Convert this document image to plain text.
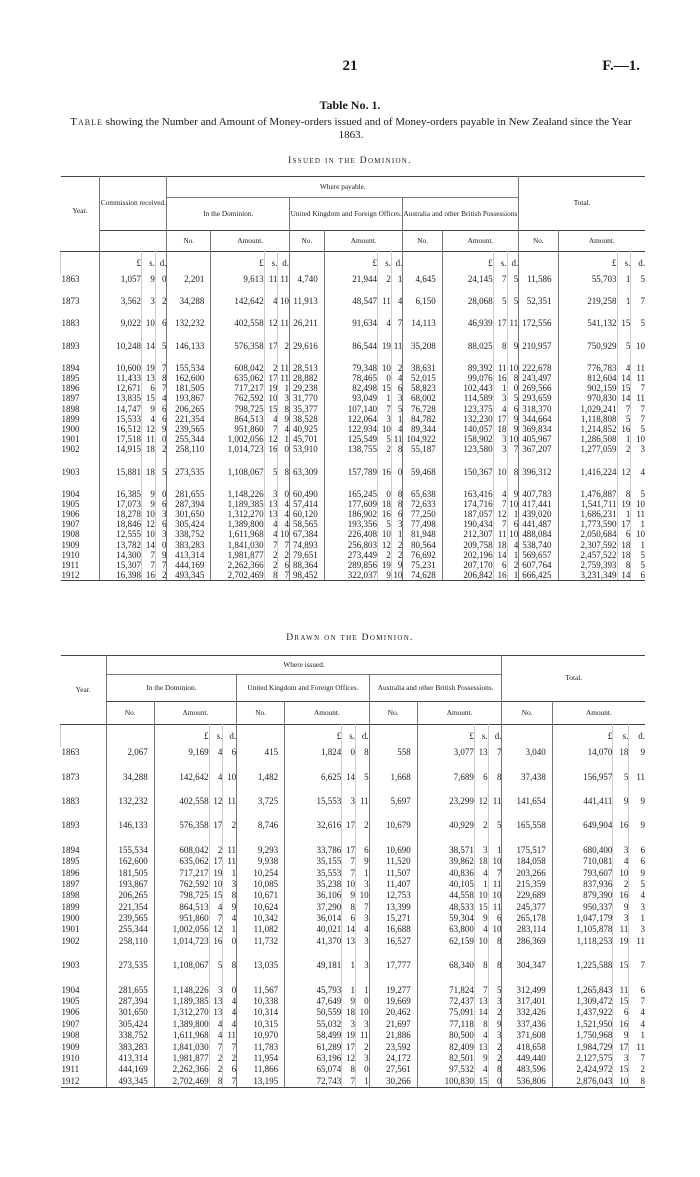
21	F.—1.
Table No. 1.
Table showing the Number and Amount of Money-orders issued and of Money-orders payable in New Zealand since the Year 1863.
Issued in the Dominion.
Year.	Commission received.			Where payable.												Total.			
				In the Dominion.				United Kingdom and Foreign Offices.				Australia and other British Possessions.							
				No.	Amount.			No.	Amount.			No.	Amount.			No.	Amount.		
	£	s.	d.		£	s.	d.		£	s.	d.		£	s.	d.		£	s.	d.
1863	1,057	9	0	2,201	9,613	11	11	4,740	21,944	2	1	4,645	24,145	7	5	11,586	55,703	1	5

1873	3,562	3	2	34,288	142,642	4	10	11,913	48,547	11	4	6,150	28,068	5	5	52,351	219,258	1	7

1883	9,022	10	6	132,232	402,558	12	11	26,211	91,634	4	7	14,113	46,939	17	11	172,556	541,132	15	5

1893	10,248	14	5	146,133	576,358	17	2	29,616	86,544	19	11	35,208	88,025	8	9	210,957	750,929	5	10

1894	10,600	19	7	155,534	608,042	2	11	28,513	79,348	10	2	38,631	89,392	11	10	222,678	776,783	4	11
1895	11,433	13	8	162,600	635,062	17	11	28,882	78,465	0	4	52,015	99,076	16	8	243,497	812,604	14	11
1896	12,671	6	7	181,505	717,217	19	1	29,238	82,498	15	6	58,823	102,443	1	0	269,566	902,159	15	7
1897	13,835	15	4	193,867	762,592	10	3	31,770	93,049	1	3	68,002	114,589	3	5	293,659	970,830	14	11
1898	14,747	9	6	206,265	798,725	15	8	35,377	107,140	7	5	76,728	123,375	4	6	318,370	1,029,241	7	7
1899	15,533	4	6	221,354	864,513	4	9	38,528	122,064	3	1	84,782	132,230	17	9	344,664	1,118,808	5	7
1900	16,512	12	9	239,565	951,860	7	4	40,925	122,934	10	4	89,344	140,057	18	9	369,834	1,214,852	16	5
1901	17,518	11	0	255,344	1,002,056	12	1	45,701	125,549	5	11	104,922	158,902	3	10	405,967	1,286,508	1	10
1902	14,915	18	2	258,110	1,014,723	16	0	53,910	138,755	2	8	55,187	123,580	3	7	367,207	1,277,059	2	3

1903	15,881	18	5	273,535	1,108,067	5	8	63,309	157,789	16	0	59,468	150,367	10	8	396,312	1,416,224	12	4

1904	16,385	9	0	281,655	1,148,226	3	0	60,490	165,245	0	8	65,638	163,416	4	9	407,783	1,476,887	8	5
1905	17,073	9	6	287,394	1,189,385	13	4	57,414	177,609	18	8	72,633	174,716	7	10	417,441	1,541,711	19	10
1906	18,278	10	3	301,650	1,312,270	13	4	60,120	186,902	16	6	77,250	187,057	12	1	439,020	1,686,231	1	11
1907	18,846	12	6	305,424	1,389,800	4	4	58,565	193,356	5	3	77,498	190,434	7	6	441,487	1,773,590	17	1
1908	12,555	10	3	338,752	1,611,968	4	10	67,384	226,408	10	1	81,948	212,307	11	10	488,084	2,050,684	6	10
1909	13,782	14	0	383,283	1,841,030	7	7	74,893	256,803	12	2	80,564	209,758	18	4	538,740	2,307,592	18	1
1910	14,300	7	9	413,314	1,981,877	2	2	79,651	273,449	2	2	76,692	202,196	14	1	569,657	2,457,522	18	5
1911	15,307	7	7	444,169	2,262,366	2	6	88,364	289,856	19	9	75,231	207,170	6	2	607,764	2,759,393	8	5
1912	16,398	16	2	493,345	2,702,469	8	7	98,452	322,037	9	10	74,628	206,842	16	1	666,425	3,231,349	14	6
Drawn on the Dominion.
Year.	Where issued.												Total.			
	In the Dominion.				United Kingdom and Foreign Offices.				Australia and other British Possessions.							
	No.	Amount.			No.	Amount.			No.	Amount.			No.	Amount.		
		£	s.	d.		£	s.	d.		£	s.	d.		£	s.	d.
1863	2,067	9,169	4	6	415	1,824	0	8	558	3,077	13	7	3,040	14,070	18	9

1873	34,288	142,642	4	10	1,482	6,625	14	5	1,668	7,689	6	8	37,438	156,957	5	11

1883	132,232	402,558	12	11	3,725	15,553	3	11	5,697	23,299	12	11	141,654	441,411	9	9

1893	146,133	576,358	17	2	8,746	32,616	17	2	10,679	40,929	2	5	165,558	649,904	16	9

1894	155,534	608,042	2	11	9,293	33,786	17	6	10,690	38,571	3	1	175,517	680,400	3	6
1895	162,600	635,062	17	11	9,938	35,155	7	9	11,520	39,862	18	10	184,058	710,081	4	6
1896	181,505	717,217	19	1	10,254	35,553	7	1	11,507	40,836	4	7	203,266	793,607	10	9
1897	193,867	762,592	10	3	10,085	35,238	10	3	11,407	40,105	1	11	215,359	837,936	2	5
1898	206,265	798,725	15	8	10,671	36,106	9	10	12,753	44,558	10	10	229,689	879,390	16	4
1899	221,354	864,513	4	9	10,624	37,290	8	7	13,399	48,533	15	11	245,377	950,337	9	3
1900	239,565	951,860	7	4	10,342	36,014	6	3	15,271	59,304	9	6	265,178	1,047,179	3	1
1901	255,344	1,002,056	12	1	11,082	40,021	14	4	16,688	63,800	4	10	283,114	1,105,878	11	3
1902	258,110	1,014,723	16	0	11,732	41,370	13	3	16,527	62,159	10	8	286,369	1,118,253	19	11

1903	273,535	1,108,067	5	8	13,035	49,181	1	3	17,777	68,340	8	8	304,347	1,225,588	15	7

1904	281,655	1,148,226	3	0	11,567	45,793	1	1	19,277	71,824	7	5	312,499	1,265,843	11	6
1905	287,394	1,189,385	13	4	10,338	47,649	9	0	19,669	72,437	13	3	317,401	1,309,472	15	7
1906	301,650	1,312,270	13	4	10,314	50,559	18	10	20,462	75,091	14	2	332,426	1,437,922	6	4
1907	305,424	1,389,800	4	4	10,315	55,032	3	3	21,697	77,118	8	9	337,436	1,521,950	16	4
1908	338,752	1,611,968	4	11	10,970	58,499	19	11	21,886	80,500	4	3	371,608	1,750,968	9	1
1909	383,283	1,841,030	7	7	11,783	61,289	17	2	23,592	82,409	13	2	418,658	1,984,729	17	11
1910	413,314	1,981,877	2	2	11,954	63,196	12	3	24,172	82,501	9	2	449,440	2,127,575	3	7
1911	444,169	2,262,366	2	6	11,866	65,074	8	0	27,561	97,532	4	8	483,596	2,424,972	15	2
1912	493,345	2,702,469	8	7	13,195	72,743	7	1	30,266	100,830	15	0	536,806	2,876,043	10	8
